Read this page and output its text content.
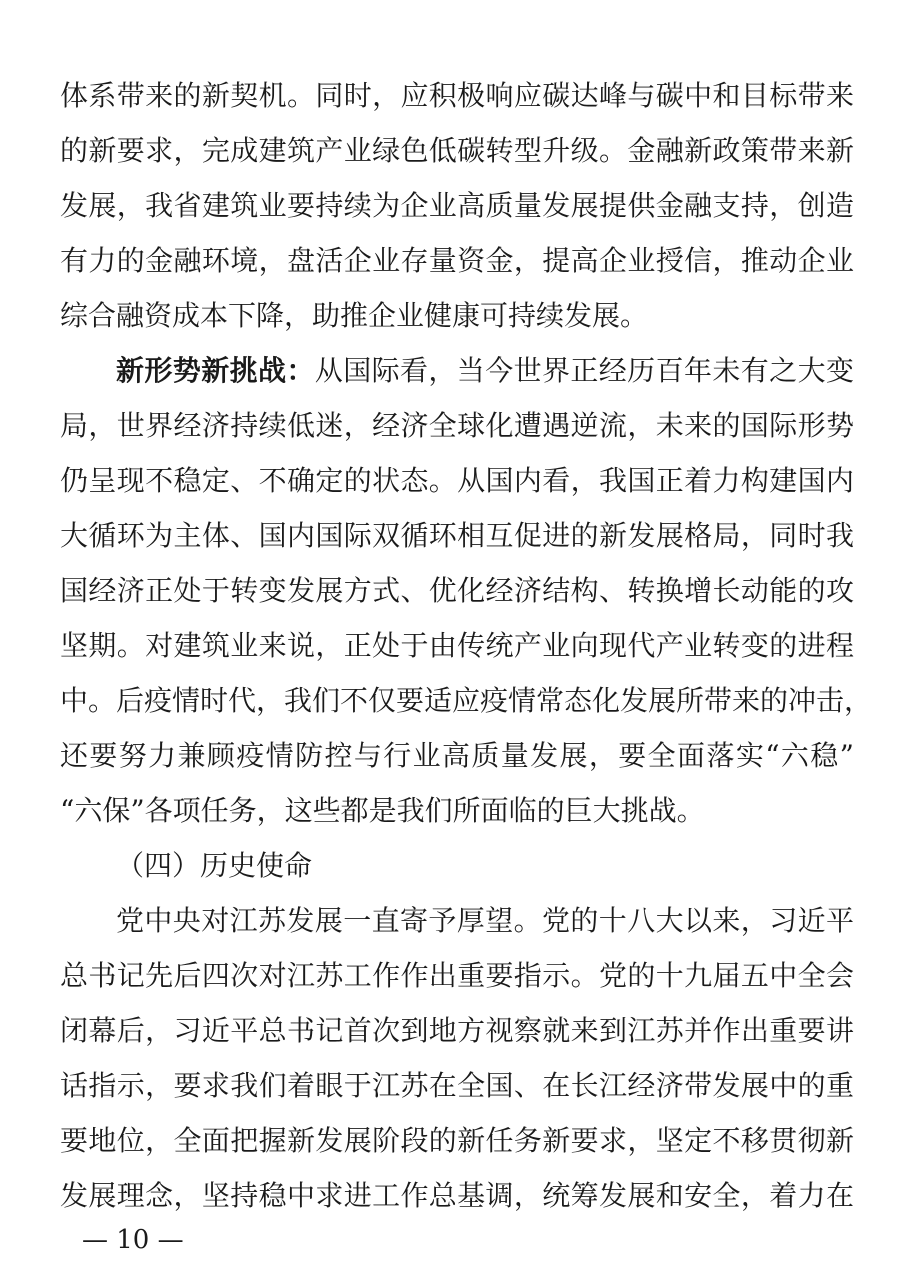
体系带来的新契机。同时，应积极响应碳达峰与碳中和目标带来
的新要求，完成建筑产业绿色低碳转型升级。金融新政策带来新
发展，我省建筑业要持续为企业高质量发展提供金融支持，创造
有力的金融环境，盘活企业存量资金，提高企业授信，推动企业
综合融资成本下降，助推企业健康可持续发展。
新形势新挑战：从国际看，当今世界正经历百年未有之大变
局，世界经济持续低迷，经济全球化遭遇逆流，未来的国际形势
仍呈现不稳定、不确定的状态。从国内看，我国正着力构建国内
大循环为主体、国内国际双循环相互促进的新发展格局，同时我
国经济正处于转变发展方式、优化经济结构、转换增长动能的攻
坚期。对建筑业来说，正处于由传统产业向现代产业转变的进程
中。后疫情时代，我们不仅要适应疫情常态化发展所带来的冲击，
还要努力兼顾疫情防控与行业高质量发展，要全面落实“六稳”
“六保”各项任务，这些都是我们所面临的巨大挑战。
（四）历史使命
党中央对江苏发展一直寄予厚望。党的十八大以来，习近平
总书记先后四次对江苏工作作出重要指示。党的十九届五中全会
闭幕后，习近平总书记首次到地方视察就来到江苏并作出重要讲
话指示，要求我们着眼于江苏在全国、在长江经济带发展中的重
要地位，全面把握新发展阶段的新任务新要求，坚定不移贯彻新
发展理念，坚持稳中求进工作总基调，统筹发展和安全，着力在
— 10 —
